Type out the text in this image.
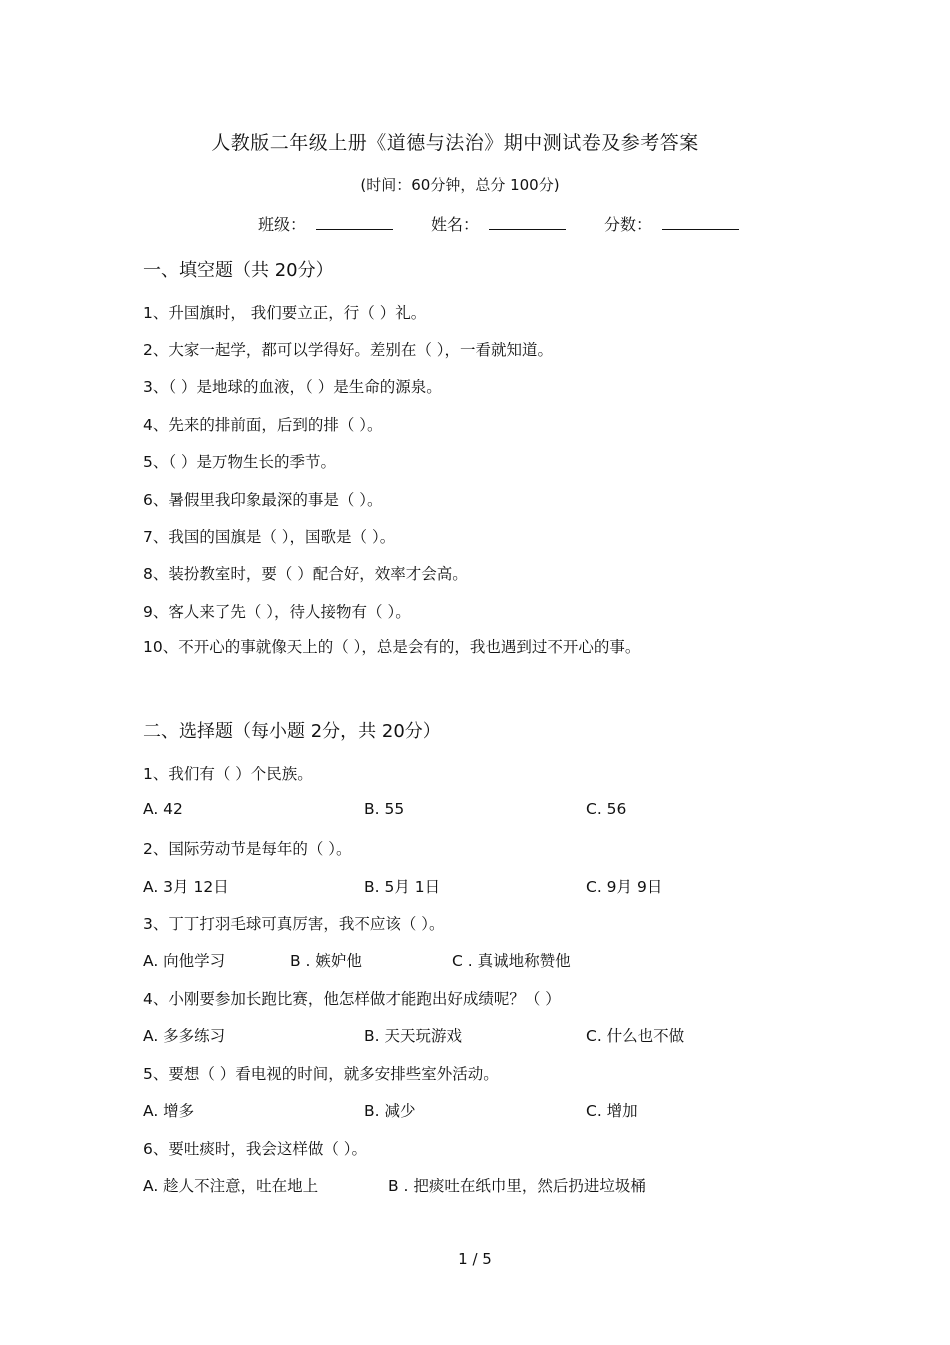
人教版二年级上册《道德与法治》期中测试卷及参考答案
(时间：60分钟，总分 100分)
班级：	姓名：	分数：
一、填空题（共 20分）
1、升国旗时， 我们要立正，行（ ）礼。
2、大家一起学，都可以学得好。差别在（ ），一看就知道。
3、（ ）是地球的血液，（ ）是生命的源泉。
4、先来的排前面，后到的排（ ）。
5、（ ）是万物生长的季节。
6、暑假里我印象最深的事是（ ）。
7、我国的国旗是（ ），国歌是（ ）。
8、装扮教室时，要（ ）配合好，效率才会高。
9、客人来了先（ ），待人接物有（ ）。
10、不开心的事就像天上的（ ），总是会有的，我也遇到过不开心的事。
二、选择题（每小题 2分，共 20分）
1、我们有（ ）个民族。
A. 42	B. 55	C. 56
2、国际劳动节是每年的（ ）。
A. 3月 12日	B. 5月 1日	C. 9月 9日
3、丁丁打羽毛球可真厉害，我不应该（ ）。
A. 向他学习	B . 嫉妒他	C . 真诚地称赞他
4、小刚要参加长跑比赛，他怎样做才能跑出好成绩呢？（ ）
A. 多多练习	B. 天天玩游戏	C. 什么也不做
5、要想（ ）看电视的时间，就多安排些室外活动。
A. 增多	B. 减少	C. 增加
6、要吐痰时，我会这样做（ ）。
A. 趁人不注意，吐在地上	B . 把痰吐在纸巾里，然后扔进垃圾桶
1 / 5
